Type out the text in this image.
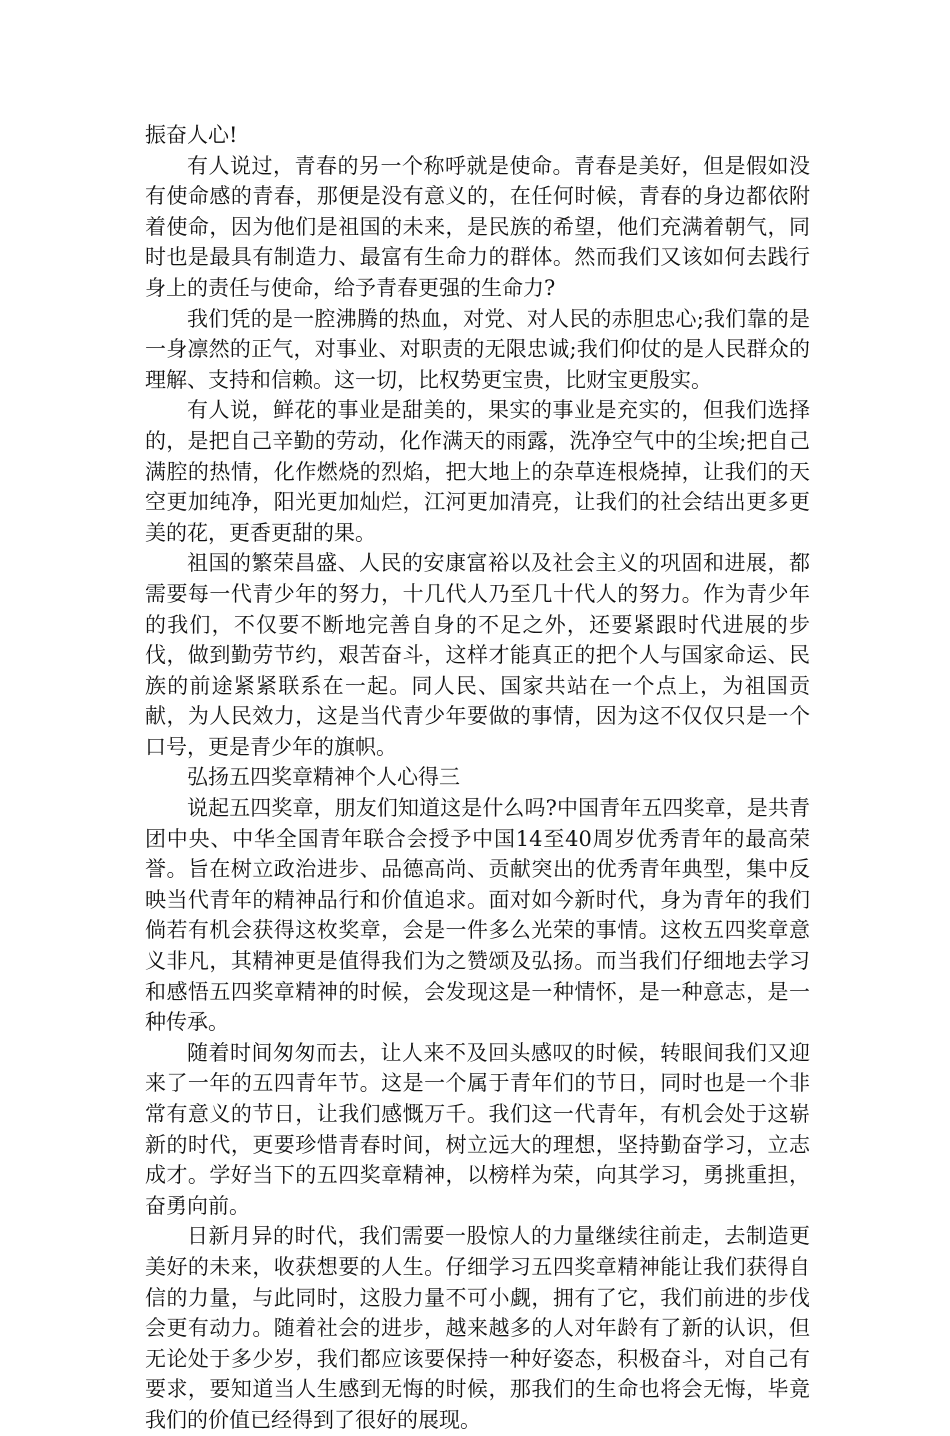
振奋人心!

有人说过，青春的另一个称呼就是使命。青春是美好，但是假如没有使命感的青春，那便是没有意义的，在任何时候，青春的身边都依附着使命，因为他们是祖国的未来，是民族的希望，他们充满着朝气，同时也是最具有制造力、最富有生命力的群体。然而我们又该如何去践行身上的责任与使命，给予青春更强的生命力?

我们凭的是一腔沸腾的热血，对党、对人民的赤胆忠心;我们靠的是一身凛然的正气，对事业、对职责的无限忠诚;我们仰仗的是人民群众的理解、支持和信赖。这一切，比权势更宝贵，比财宝更殷实。

有人说，鲜花的事业是甜美的，果实的事业是充实的，但我们选择的，是把自己辛勤的劳动，化作满天的雨露，洗净空气中的尘埃;把自己满腔的热情，化作燃烧的烈焰，把大地上的杂草连根烧掉，让我们的天空更加纯净，阳光更加灿烂，江河更加清亮，让我们的社会结出更多更美的花，更香更甜的果。

祖国的繁荣昌盛、人民的安康富裕以及社会主义的巩固和进展，都需要每一代青少年的努力，十几代人乃至几十代人的努力。作为青少年的我们，不仅要不断地完善自身的不足之外，还要紧跟时代进展的步伐，做到勤劳节约，艰苦奋斗，这样才能真正的把个人与国家命运、民族的前途紧紧联系在一起。同人民、国家共站在一个点上，为祖国贡献，为人民效力，这是当代青少年要做的事情，因为这不仅仅只是一个口号，更是青少年的旗帜。

弘扬五四奖章精神个人心得三

说起五四奖章，朋友们知道这是什么吗?中国青年五四奖章，是共青团中央、中华全国青年联合会授予中国14至40周岁优秀青年的最高荣誉。旨在树立政治进步、品德高尚、贡献突出的优秀青年典型，集中反映当代青年的精神品行和价值追求。面对如今新时代，身为青年的我们倘若有机会获得这枚奖章，会是一件多么光荣的事情。这枚五四奖章意义非凡，其精神更是值得我们为之赞颂及弘扬。而当我们仔细地去学习和感悟五四奖章精神的时候，会发现这是一种情怀，是一种意志，是一种传承。

随着时间匆匆而去，让人来不及回头感叹的时候，转眼间我们又迎来了一年的五四青年节。这是一个属于青年们的节日，同时也是一个非常有意义的节日，让我们感慨万千。我们这一代青年，有机会处于这崭新的时代，更要珍惜青春时间，树立远大的理想，坚持勤奋学习，立志成才。学好当下的五四奖章精神，以榜样为荣，向其学习，勇挑重担，奋勇向前。

日新月异的时代，我们需要一股惊人的力量继续往前走，去制造更美好的未来，收获想要的人生。仔细学习五四奖章精神能让我们获得自信的力量，与此同时，这股力量不可小觑，拥有了它，我们前进的步伐会更有动力。随着社会的进步，越来越多的人对年龄有了新的认识，但无论处于多少岁，我们都应该要保持一种好姿态，积极奋斗，对自己有要求，要知道当人生感到无悔的时候，那我们的生命也将会无悔，毕竟我们的价值已经得到了很好的展现。
